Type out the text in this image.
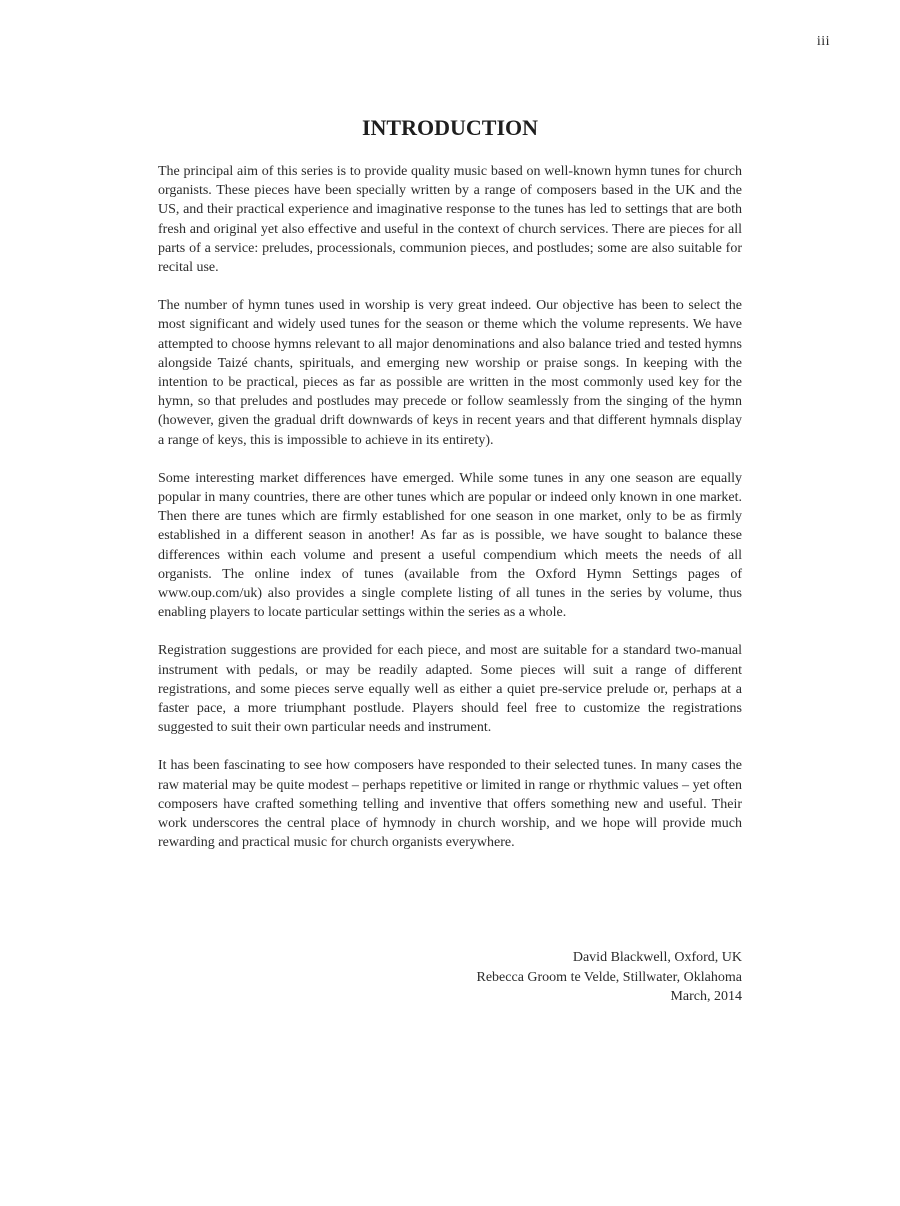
iii
INTRODUCTION

The principal aim of this series is to provide quality music based on well-known hymn tunes for church organists. These pieces have been specially written by a range of composers based in the UK and the US, and their practical experience and imaginative response to the tunes has led to settings that are both fresh and original yet also effective and useful in the context of church services. There are pieces for all parts of a service: preludes, processionals, communion pieces, and postludes; some are also suitable for recital use.

The number of hymn tunes used in worship is very great indeed. Our objective has been to select the most significant and widely used tunes for the season or theme which the volume represents. We have attempted to choose hymns relevant to all major denominations and also balance tried and tested hymns alongside Taizé chants, spirituals, and emerging new worship or praise songs. In keeping with the intention to be practical, pieces as far as possible are written in the most commonly used key for the hymn, so that preludes and postludes may precede or follow seamlessly from the singing of the hymn (however, given the gradual drift downwards of keys in recent years and that different hymnals display a range of keys, this is impossible to achieve in its entirety).

Some interesting market differences have emerged. While some tunes in any one season are equally popular in many countries, there are other tunes which are popular or indeed only known in one market. Then there are tunes which are firmly established for one season in one market, only to be as firmly established in a different season in another! As far as is possible, we have sought to balance these differences within each volume and present a useful compendium which meets the needs of all organists. The online index of tunes (available from the Oxford Hymn Settings pages of www.oup.com/uk) also provides a single complete listing of all tunes in the series by volume, thus enabling players to locate particular settings within the series as a whole.

Registration suggestions are provided for each piece, and most are suitable for a standard two-manual instrument with pedals, or may be readily adapted. Some pieces will suit a range of different registrations, and some pieces serve equally well as either a quiet pre-service prelude or, perhaps at a faster pace, a more triumphant postlude. Players should feel free to customize the registrations suggested to suit their own particular needs and instrument.

It has been fascinating to see how composers have responded to their selected tunes. In many cases the raw material may be quite modest – perhaps repetitive or limited in range or rhythmic values – yet often composers have crafted something telling and inventive that offers something new and useful. Their work underscores the central place of hymnody in church worship, and we hope will provide much rewarding and practical music for church organists everywhere.

David Blackwell, Oxford, UK
Rebecca Groom te Velde, Stillwater, Oklahoma
March, 2014
